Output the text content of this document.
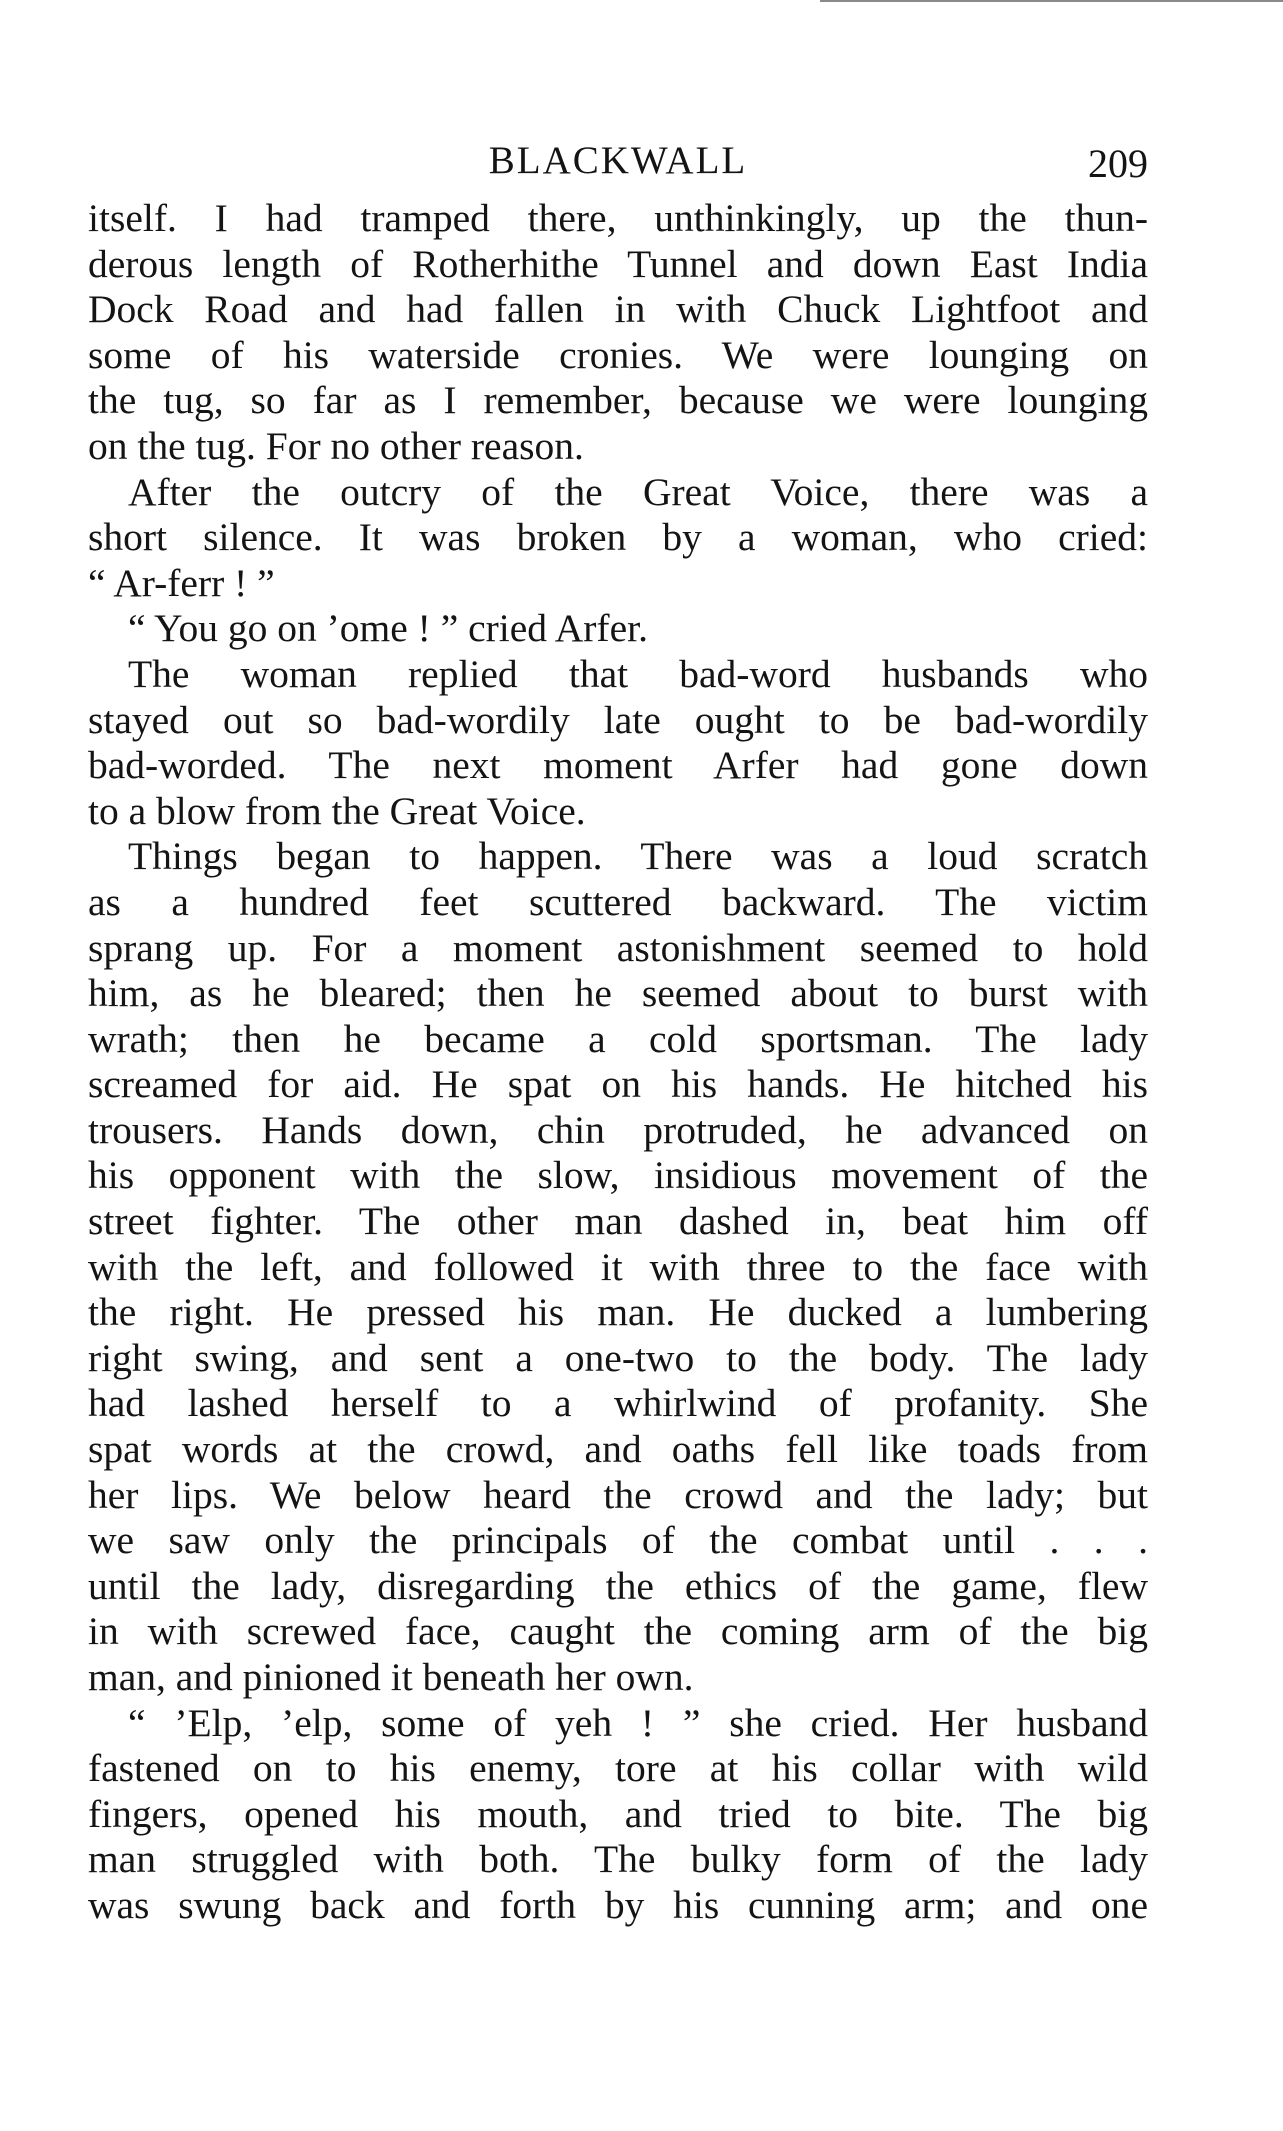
BLACKWALL	209
itself. I had tramped there, unthinkingly, up the thun-
derous length of Rotherhithe Tunnel and down East India
Dock Road and had fallen in with Chuck Lightfoot and
some of his waterside cronies. We were lounging on
the tug, so far as I remember, because we were lounging
on the tug. For no other reason.
After the outcry of the Great Voice, there was a
short silence. It was broken by a woman, who cried:
“ Ar-ferr ! ”
“ You go on ’ome ! ” cried Arfer.
The woman replied that bad-word husbands who
stayed out so bad-wordily late ought to be bad-wordily
bad-worded. The next moment Arfer had gone down
to a blow from the Great Voice.
Things began to happen. There was a loud scratch
as a hundred feet scuttered backward. The victim
sprang up. For a moment astonishment seemed to hold
him, as he bleared; then he seemed about to burst with
wrath; then he became a cold sportsman. The lady
screamed for aid. He spat on his hands. He hitched his
trousers. Hands down, chin protruded, he advanced on
his opponent with the slow, insidious movement of the
street fighter. The other man dashed in, beat him off
with the left, and followed it with three to the face with
the right. He pressed his man. He ducked a lumbering
right swing, and sent a one-two to the body. The lady
had lashed herself to a whirlwind of profanity. She
spat words at the crowd, and oaths fell like toads from
her lips. We below heard the crowd and the lady; but
we saw only the principals of the combat until . . .
until the lady, disregarding the ethics of the game, flew
in with screwed face, caught the coming arm of the big
man, and pinioned it beneath her own.
“ ’Elp, ’elp, some of yeh ! ” she cried. Her husband
fastened on to his enemy, tore at his collar with wild
fingers, opened his mouth, and tried to bite. The big
man struggled with both. The bulky form of the lady
was swung back and forth by his cunning arm; and one
